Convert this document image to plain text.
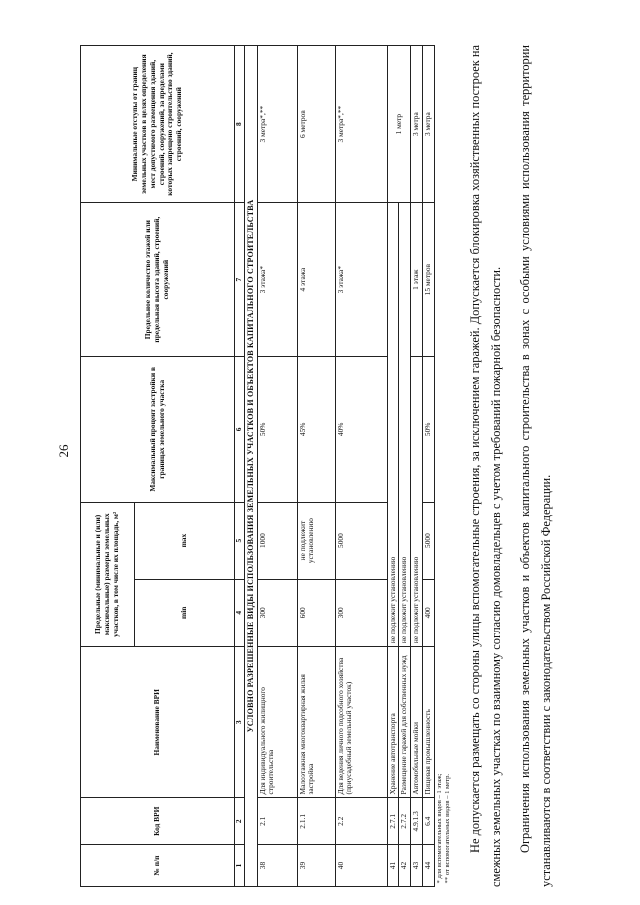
26
№ п/п	Код ВРИ	Наименование ВРИ	Предельные (минимальные и (или) максимальные) размеры земельных участков, в том числе их площадь, м²		Максимальный процент застройки в границах земельного участка	Предельное количество этажей или предельная высота зданий, строений, сооружений	Минимальные отступы от границ земельных участков в целях определения мест допустимого размещения зданий, строений, сооружений, за пределами которых запрещено строительство зданий, строений, сооружений
			min	max			
1	2	3	4	5	6	7	8
УСЛОВНО РАЗРЕШЕННЫЕ ВИДЫ ИСПОЛЬЗОВАНИЯ ЗЕМЕЛЬНЫХ УЧАСТКОВ И ОБЪЕКТОВ КАПИТАЛЬНОГО СТРОИТЕЛЬСТВА							
38	2.1	Для индивидуального жилищного строительства	300	1000	50%	3 этажа*	3 метра*,**
39	2.1.1	Малоэтажная многоквартирная жилая застройка	600	не подлежит установлению	45%	4 этажа	6 метров
40	2.2	Для ведения личного подсобного хозяйства (приусадебный земельный участок)	300	5000	40%	3 этажа*	3 метра*,**
41	2.7.1	Хранение автотранспорта	не подлежит установлению				1 метр
42	2.7.2	Размещение гаражей для собственных нужд	не подлежит установлению				
43	4.9.1.3	Автомобильные мойки	не подлежит установлению			1 этаж	3 метра
44	6.4	Пищевая промышленность	400	5000	50%	15 метров	3 метра

* для вспомогательных видов – 1 этаж; ** от вспомогательных видов – 1 метр.							Не допускается размещать со стороны улицы вспомогательные строения, за исключением гаражей. Допускается блокировка хозяйственных построек на смежных земельных участках по взаимному согласию домовладельцев с учетом требований пожарной безопасности.	Ограничения использования земельных участков и объектов капитального строительства в зонах с особыми условиями использования территории устанавливаются в соответствии с законодательством Российской Федерации.
